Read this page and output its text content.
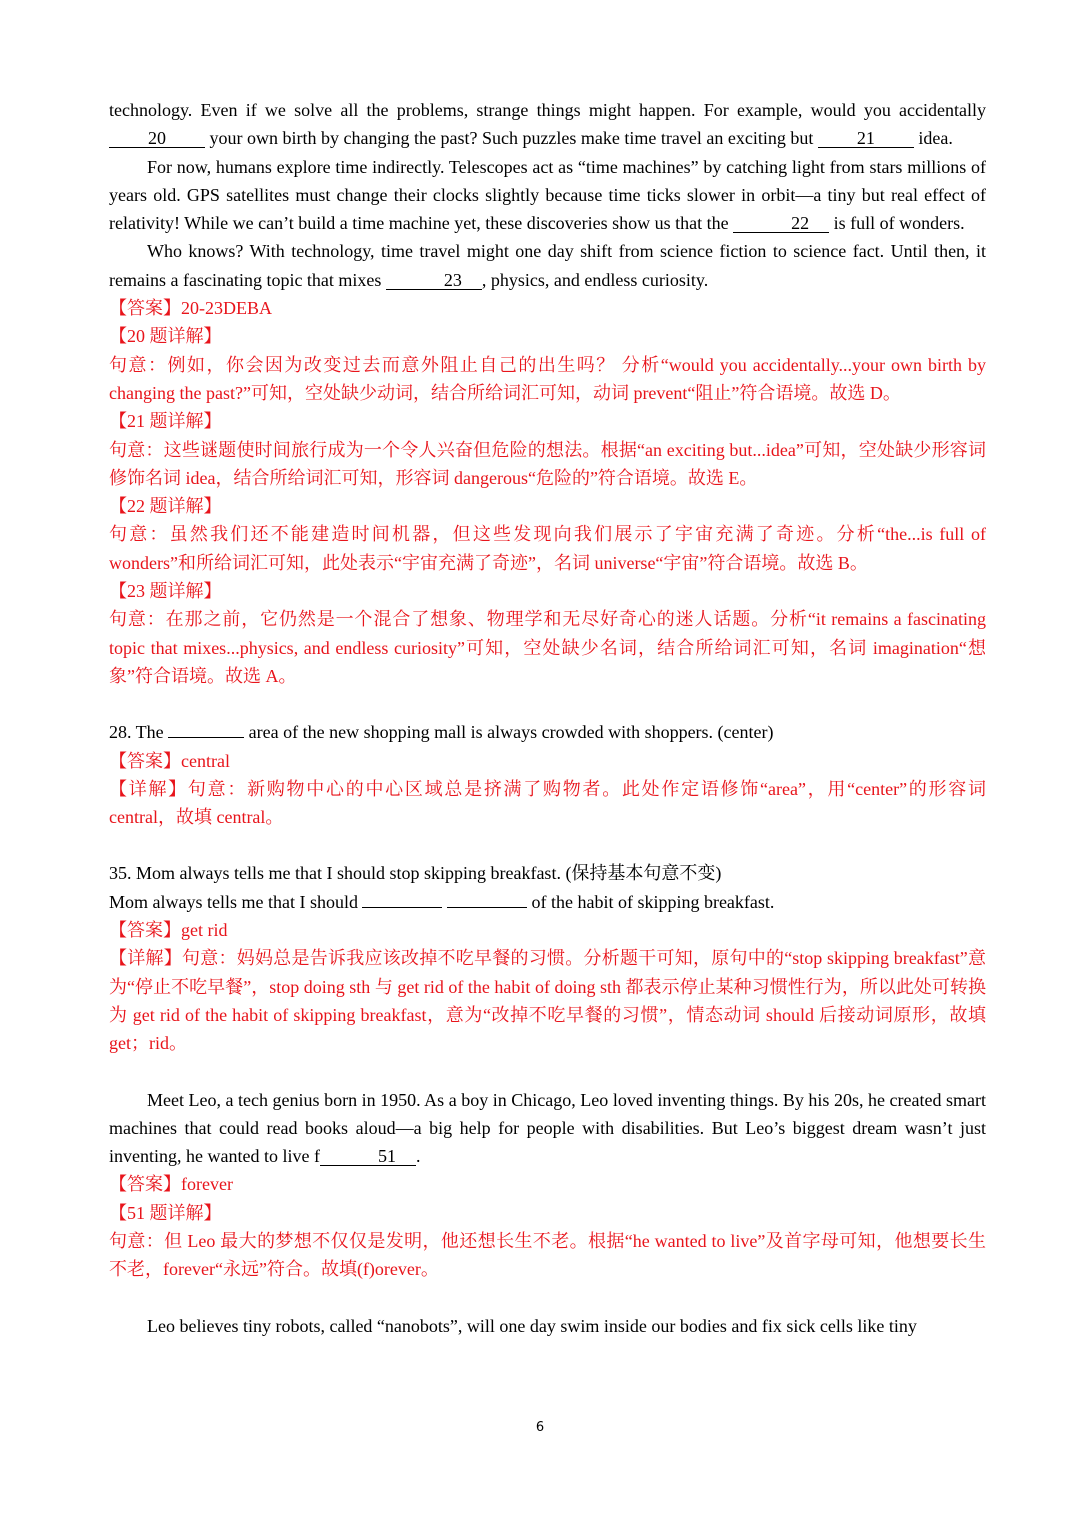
technology. Even if we solve all the problems, strange things might happen. For example, would you accidentally 20 your own birth by changing the past? Such puzzles make time travel an exciting but 21 idea.

For now, humans explore time indirectly. Telescopes act as “time machines” by catching light from stars millions of years old. GPS satellites must change their clocks slightly because time ticks slower in orbit—a tiny but real effect of relativity! While we can’t build a time machine yet, these discoveries show us that the	22 is full of wonders.

Who knows? With technology, time travel might one day shift from science fiction to science fact. Until then, it remains a fascinating topic that mixes	23 , physics, and endless curiosity.

【答案】20-23DEBA

【20 题详解】

句意：例如，你会因为改变过去而意外阻止自己的出生吗？ 分析“would you accidentally...your own birth by changing the past?”可知，空处缺少动词，结合所给词汇可知，动词 prevent“阻止”符合语境。故选 D。

【21 题详解】

句意：这些谜题使时间旅行成为一个令人兴奋但危险的想法。根据“an exciting but...idea”可知，空处缺少形容词修饰名词 idea，结合所给词汇可知，形容词 dangerous“危险的”符合语境。故选 E。

【22 题详解】

句意：虽然我们还不能建造时间机器，但这些发现向我们展示了宇宙充满了奇迹。分析“the...is full of wonders”和所给词汇可知，此处表示“宇宙充满了奇迹”，名词 universe“宇宙”符合语境。故选 B。

【23 题详解】

句意：在那之前，它仍然是一个混合了想象、物理学和无尽好奇心的迷人话题。分析“it remains a fascinating topic that mixes...physics, and endless curiosity”可知，空处缺少名词，结合所给词汇可知，名词 imagination“想象”符合语境。故选 A。

28. The	area of the new shopping mall is always crowded with shoppers. (center)

【答案】central

【详解】句意：新购物中心的中心区域总是挤满了购物者。此处作定语修饰“area”，用“center”的形容词 central，故填 central。

35. Mom always tells me that I should stop skipping breakfast. (保持基本句意不变)

Mom always tells me that I should	of the habit of skipping breakfast.

【答案】get rid

【详解】句意：妈妈总是告诉我应该改掉不吃早餐的习惯。分析题干可知，原句中的“stop skipping breakfast”意为“停止不吃早餐”，stop doing sth 与 get rid of the habit of doing sth 都表示停止某种习惯性行为，所以此处可转换为 get rid of the habit of skipping breakfast，意为“改掉不吃早餐的习惯”，情态动词 should 后接动词原形，故填 get；rid。

Meet Leo, a tech genius born in 1950. As a boy in Chicago, Leo loved inventing things. By his 20s, he created smart machines that could read books aloud—a big help for people with disabilities. But Leo’s biggest dream wasn’t just inventing, he wanted to live f	51 .

【答案】forever

【51 题详解】

句意：但 Leo 最大的梦想不仅仅是发明，他还想长生不老。根据“he wanted to live”及首字母可知，他想要长生不老，forever“永远”符合。故填(f)orever。

Leo believes tiny robots, called “nanobots”, will one day swim inside our bodies and fix sick cells like tiny

6
